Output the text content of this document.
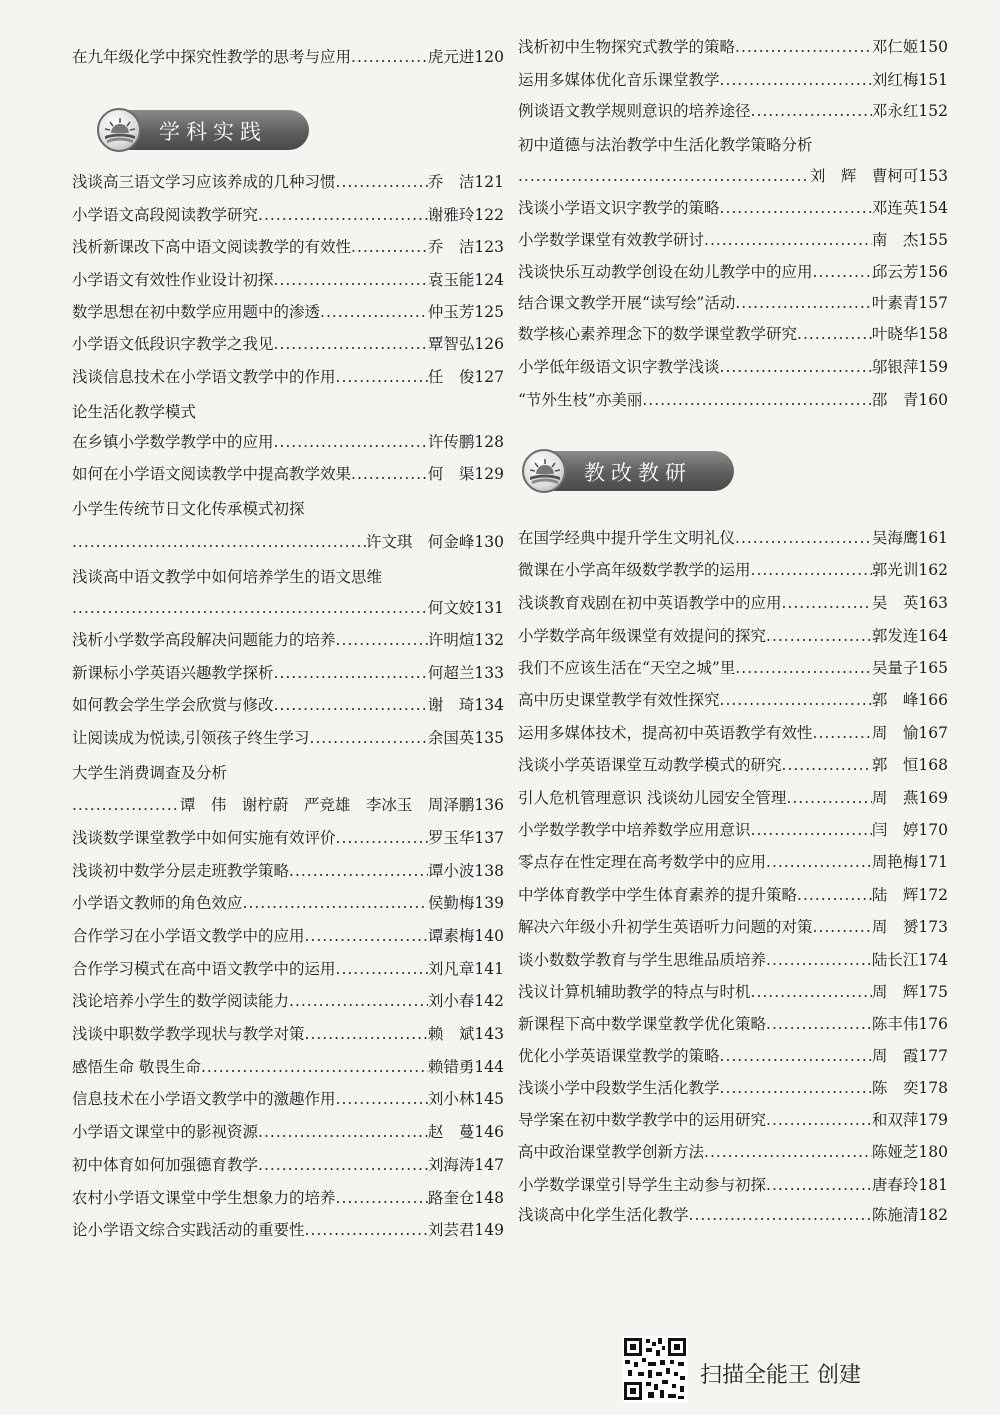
在九年级化学中探究性教学的思考与应用 .....	虎元进120
学科实践
浅谈高三语文学习应该养成的几种习惯 .....	乔　洁121
小学语文高段阅读教学研究 .....	谢雅玲122
浅析新课改下高中语文阅读教学的有效性 .....	乔　洁123
小学语文有效性作业设计初探 .....	袁玉能124
数学思想在初中数学应用题中的渗透 .....	仲玉芳125
小学语文低段识字教学之我见 .....	覃智弘126
浅谈信息技术在小学语文教学中的作用 .....	任　俊127
论生活化教学模式
在乡镇小学数学教学中的应用 .....	许传鹏128
如何在小学语文阅读教学中提高教学效果 .....	何　渠129
小学生传统节日文化传承模式初探
.....
许文琪　何金峰130
浅谈高中语文教学中如何培养学生的语文思维
.....
何文姣131
浅析小学数学高段解决问题能力的培养 .....	许明煊132
新课标小学英语兴趣教学探析 .....	何超兰133
如何教会学生学会欣赏与修改 .....	谢　琦134
让阅读成为悦读,引领孩子终生学习 .....	余国英135
大学生消费调查及分析
.....
谭　伟　谢柠蔚　严竞雄　李冰玉　周泽鹏136
浅谈数学课堂教学中如何实施有效评价 .....	罗玉华137
浅谈初中数学分层走班教学策略 .....	谭小波138
小学语文教师的角色效应 .....	侯勤梅139
合作学习在小学语文教学中的应用 .....	谭素梅140
合作学习模式在高中语文教学中的运用 .....	刘凡章141
浅论培养小学生的数学阅读能力 .....	刘小春142
浅谈中职数学教学现状与教学对策 .....	赖　斌143
感悟生命 敬畏生命 .....	赖错勇144
信息技术在小学语文教学中的激趣作用 .....	刘小林145
小学语文课堂中的影视资源 .....	赵　蔓146
初中体育如何加强德育教学 .....	刘海涛147
农村小学语文课堂中学生想象力的培养 .....	路奎仓148
论小学语文综合实践活动的重要性 .....	刘芸君149
浅析初中生物探究式教学的策略 .....	邓仁姬150
运用多媒体优化音乐课堂教学 .....	刘红梅151
例谈语文教学规则意识的培养途径 .....	邓永红152
初中道德与法治教学中生活化教学策略分析
.....
刘　辉　曹柯可153
浅谈小学语文识字教学的策略 .....	邓连英154
小学数学课堂有效教学研讨 .....	南　杰155
浅谈快乐互动教学创设在幼儿教学中的应用 .....	邱云芳156
结合课文教学开展“读写绘”活动 .....	叶素青157
数学核心素养理念下的数学课堂教学研究 .....	叶晓华158
小学低年级语文识字教学浅谈 .....	邬银萍159
“节外生枝”亦美丽 .....	邵　青160
教改教研
在国学经典中提升学生文明礼仪 .....	吴海鹰161
微课在小学高年级数学教学的运用 .....	郭光训162
浅谈教育戏剧在初中英语教学中的应用 .....	吴　英163
小学数学高年级课堂有效提问的探究 .....	郭发连164
我们不应该生活在“天空之城”里 .....	吴量子165
高中历史课堂教学有效性探究 .....	郭　峰166
运用多媒体技术，提高初中英语教学有效性 .....	周　愉167
浅谈小学英语课堂互动教学模式的研究 .....	郭　恒168
引人危机管理意识 浅谈幼儿园安全管理 .....	周　燕169
小学数学教学中培养数学应用意识 .....	闫　婷170
零点存在性定理在高考数学中的应用 .....	周艳梅171
中学体育教学中学生体育素养的提升策略 .....	陆　辉172
解决六年级小升初学生英语听力问题的对策 .....	周　赟173
谈小数数学教育与学生思维品质培养 .....	陆长江174
浅议计算机辅助教学的特点与时机 .....	周　辉175
新课程下高中数学课堂教学优化策略 .....	陈丰伟176
优化小学英语课堂教学的策略 .....	周　霞177
浅谈小学中段数学生活化教学 .....	陈　奕178
导学案在初中数学教学中的运用研究 .....	和双萍179
高中政治课堂教学创新方法 .....	陈娅芝180
小学数学课堂引导学生主动参与初探 .....	唐春玲181
浅谈高中化学生活化教学 .....	陈施清182
扫描全能王 创建
